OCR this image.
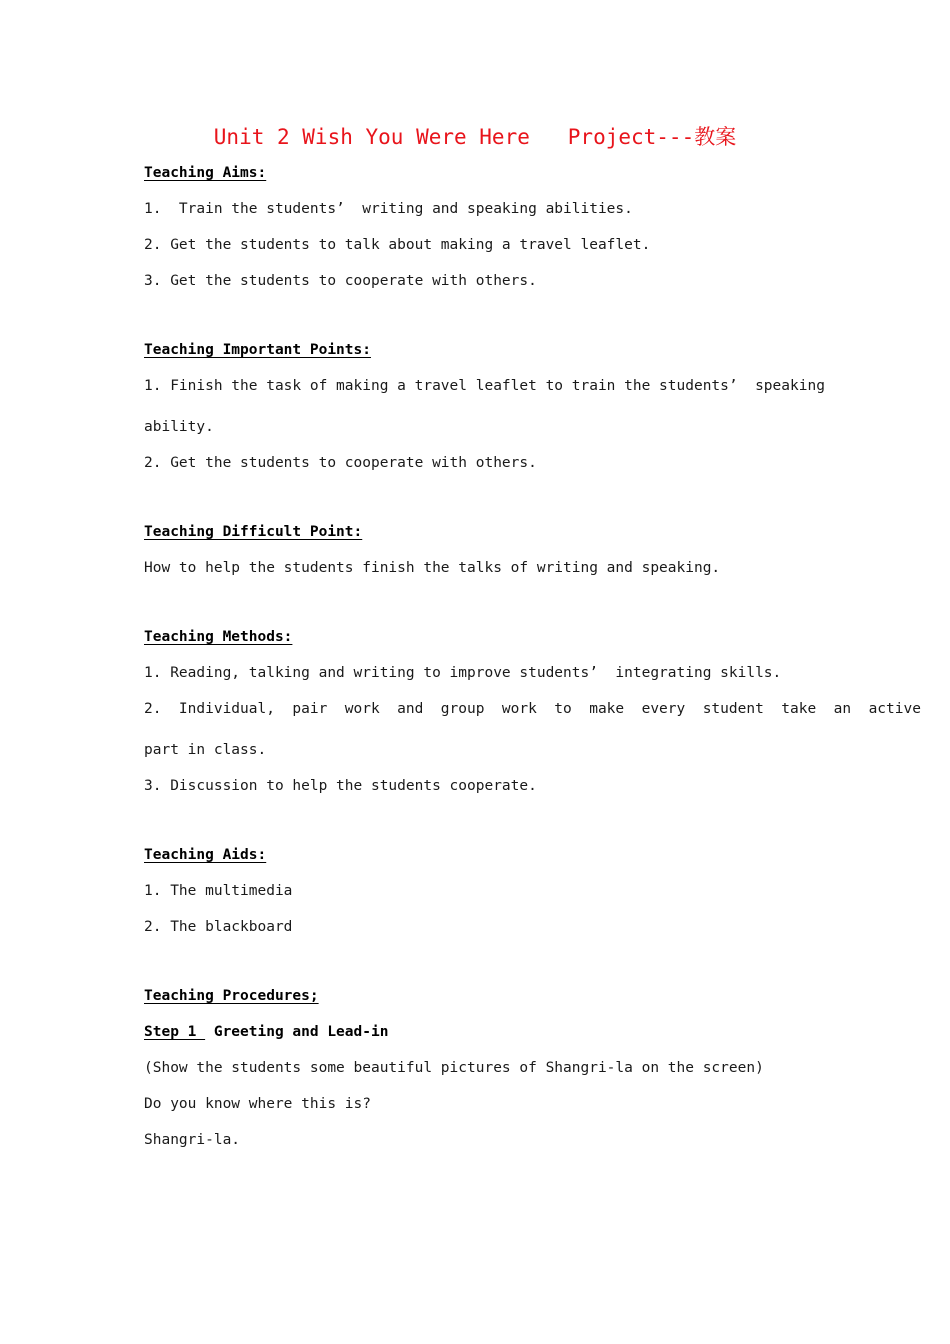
Unit 2 Wish You Were Here   Project---教案
Teaching Aims:
1.  Train the students’  writing and speaking abilities.
2. Get the students to talk about making a travel leaflet.
3. Get the students to cooperate with others.
Teaching Important Points:
1. Finish the task of making a travel leaflet to train the students’  speaking
ability.
2. Get the students to cooperate with others.
Teaching Difficult Point:
How to help the students finish the talks of writing and speaking.
Teaching Methods:
1. Reading, talking and writing to improve students’  integrating skills.
2.  Individual,  pair  work  and  group  work  to  make  every  student  take  an  active
part in class.
3. Discussion to help the students cooperate.
Teaching Aids:
1. The multimedia
2. The blackboard
Teaching Procedures;
Step 1  Greeting and Lead-in
(Show the students some beautiful pictures of Shangri-la on the screen)
Do you know where this is?
Shangri-la.
